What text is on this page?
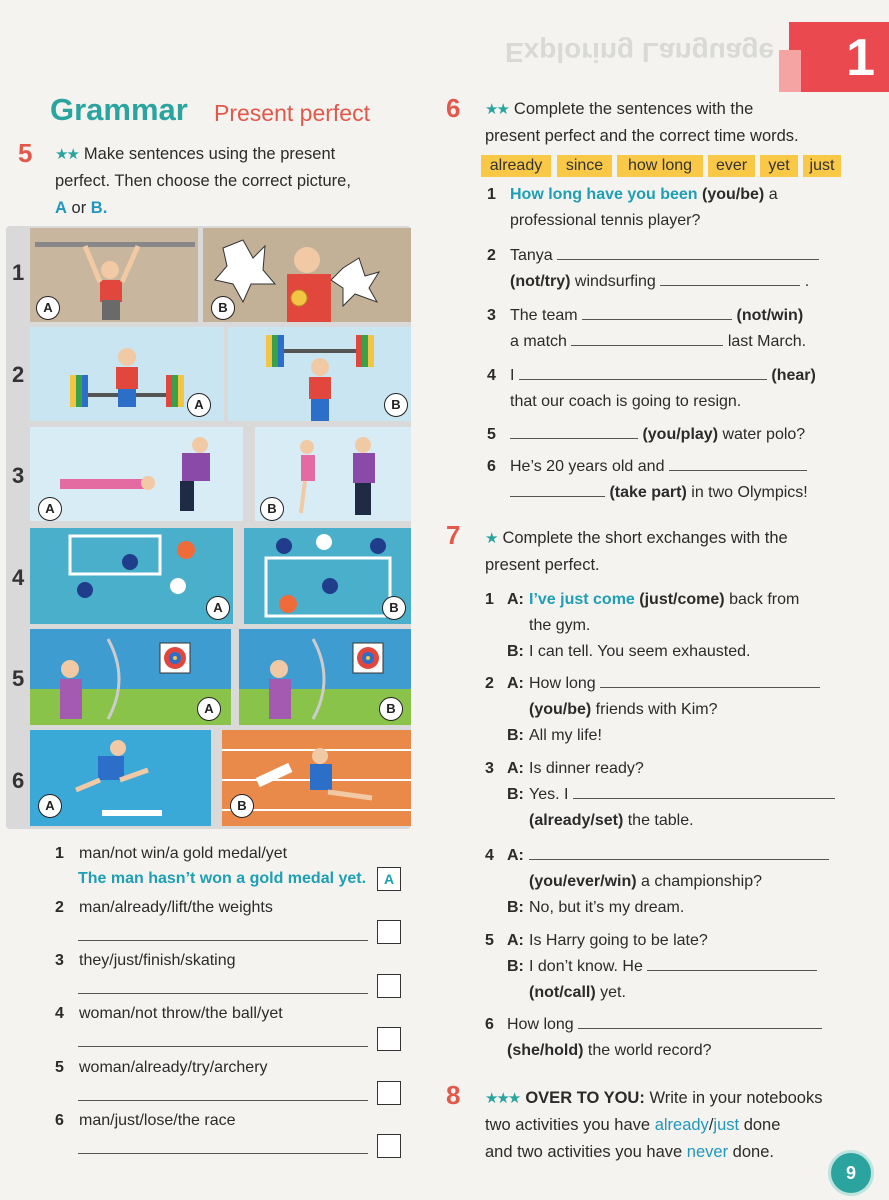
Exploring Language 1
Grammar Present perfect
5 ★★ Make sentences using the present
perfect. Then choose the correct picture,
A or B.
1
A	B
2
A	B
3
A	B
4
A	B
5
A	B
6
A	B
1 man/not win/a gold medal/yet
The man hasn’t won a gold medal yet.	A
2 man/already/lift/the weights
3 they/just/finish/skating
4 woman/not throw/the ball/yet
5 woman/already/try/archery
6 man/just/lose/the race
6 ★★ Complete the sentences with the
present perfect and the correct time words.
already	since	how long	ever	yet	just
1 How long have you been (you/be) a
professional tennis player?
2 Tanya
(not/try) windsurfing	.
3 The team	(not/win)
a match	last March.
4 I	(hear)
that our coach is going to resign.
5	(you/play) water polo?
6 He’s 20 years old and
(take part) in two Olympics!
7 ★ Complete the short exchanges with the
present perfect.
1 A: I’ve just come (just/come) back from
the gym.
B: I can tell. You seem exhausted.
2 A: How long
(you/be) friends with Kim?
B: All my life!
3 A: Is dinner ready?
B: Yes. I
(already/set) the table.
4 A:
(you/ever/win) a championship?
B: No, but it’s my dream.
5 A: Is Harry going to be late?
B: I don’t know. He
(not/call) yet.
6 How long
(she/hold) the world record?
8 ★★★ OVER TO YOU: Write in your notebooks
two activities you have already/just done
and two activities you have never done.
9
